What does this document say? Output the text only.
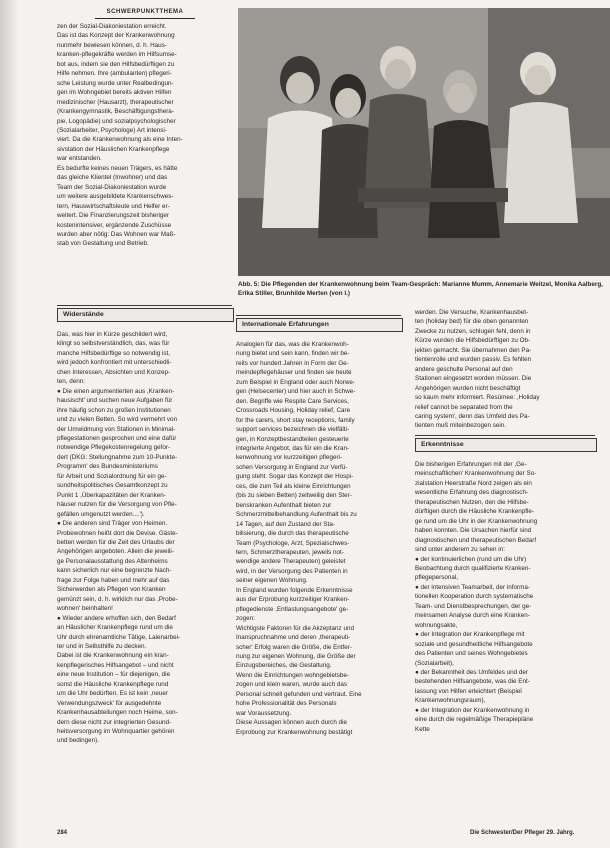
SCHWERPUNKTTHEMA

zen der Sozial-Diakoniestation erreicht.

Das ist das Konzept der Krankenwohnung

nunmehr bewiesen können, d. h. Haus-

kranken-pflegekräfte werden im Hilfsumse-

bot aus, indem sie den Hilfsbedürftigen zu

Hilfe nehmen. Ihre (ambulanten) pflegeri-

sche Leistung wurde unter Realbedingun-

gen im Wohngebiet bereits aktiven Hilfen

medizinischer (Hausarzt), therapeutischer

(Krankengymnastik, Beschäftigungsthera-

pie, Logopädie) und sozialpsychologischer

(Sozialarbeiter, Psychologe) Art intensi-

viert. Da die Krankenwohnung als eine Inten-

sivstation der Häuslichen Krankenpflege

war entstanden.

Es bedurfte keines neuen Trägers, es hätte

das gleiche Klientel (Inwohner) und das

Team der Sozial-Diakoniestation wurde

um weitere ausgebildete Krankenschwes-

tern, Hauswirtschaftsleute und Helfer er-

weitert. Die Finanzierungszeit bisheriger

kostenintensiver, ergänzende Zuschüsse

wurden aber nötig: Das Wohnen war Maß-

stab von Gestaltung und Betrieb.

Abb. 5: Die Pflegenden der Krankenwohnung beim Team-Gespräch: Marianne Mumm, Annemarie Weitzel, Monika Aalberg, Erika Stiller, Brunhilde Merten (von l.)
Widerstände

Das, was hier in Kürze geschildert wird,

klingt so selbstverständlich, das, was für

manche Hilfsbedürftige so notwendig ist,

wird jedoch konfrontiert mit unterschiedli-

chen Interessen, Absichten und Konzep-

ten, denn:

● Die einen argumentierten aus ,Kranken-

hausischt' und suchen neue Aufgaben für

ihre häufig schon zu großen Institutionen

und zu vielen Betten. So wird vermehrt von

der Umwidmung von Stationen in Minimal-

pflegestationen gesprochen und eine dafür

notwendige Pflegekostenregelung gefor-

dert (DKG: Stellungnahme zum 10-Punkte-

Programm' des Bundesministeriums

für Arbeit und Sozialordnung für ein ge-

sundheitspolitisches Gesamtkonzept zu

Punkt 1 ,Überkapazitäten der Kranken-

häuser nutzen für die Versorgung von Pfle-

gefällen umgenutzt werden....').

● Die anderen sind Träger von Heimen.

Probewohnen heißt dort die Devise. Gäste-

betten werden für die Zeit des Urlaubs der

Angehörigen angeboten. Allein die jeweili-

ge Personalausstattung des Altenheims

kann sicherlich nur eine begrenzte Nach-

frage zur Folge haben und mehr auf das

Sicherwerden als Pflegen von Kranken

gemünzt sein, d. h. wirklich nur das ,Probe-

wohnen' beinhalten!

● Wieder andere erhoffen sich, den Bedarf

an Häuslicher Krankenpflege rund um die

Uhr durch ehrenamtliche Tätige, Laienarbei-

ter und in Selbsthilfe zu decken.

Dabei ist die Krankenwohnung ein kran-

kenpflegerisches Hilfsangebot – und nicht

eine neue Institution – für diejenigen, die

sonst die Häusliche Krankenpflege rund

um die Uhr bedürften. Es ist kein ,neuer

Verwendungszweck' für ausgedehnte

Krankenhausabteilungen noch Heime, son-

dern diese nicht zur integrierten Gesund-

heitsversorgung im Wohnquartier gehören

und bedingen).

Internationale Erfahrungen

Analogien für das, was die Krankenwoh-

nung bietet und sein kann, finden wir be-

reits vor hundert Jahren in Form der Ge-

meindepflegehäuser und finden sie heute

zum Beispiel in England oder auch Norwe-

gen (Helsecenter) und hier auch in Schwe-

den. Begriffe wie Respite Care Services,

Crossroads Housing, Holiday relief, Care

for the carers, short stay receptions, family

support services bezeichnen die vielfälti-

gen, in Konzeptbestandteilen gesteuerte

integrierte Angebot, das für ein die Kran-

kenwohnung vor kurzzeitigen pflegeri-

schen Versorgung in England zur Verfü-

gung steht. Sogar das Konzept der Hospi-

ces, die zum Teil als kleine Einrichtungen

(bis zu sieben Betten) zeitweilig den Ster-

benskranken Aufenthalt bieten zur

Schmerzmittelbehandlung Aufenthalt bis zu

14 Tagen, auf den Zustand der Sta-

bilisierung, die durch das therapeutische

Team (Psychologe, Arzt, Spezialschwes-

tern, Schmerztherapeuten, jeweils not-

wendige andere Therapeuten) geleistet

wird, in der Versorgung des Patienten in

seiner eigenen Wohnung.

In England wurden folgende Erkenntnisse

aus der Erprobung kurzzeitiger Kranken-

pflegedienste ,Entlastungsangebote' ge-

zogen:

Wichtigste Faktoren für die Akzeptanz und

Inanspruchnahme und deren ,therapeuti-

scher' Erfolg waren die Größe, die Entfer-

nung zur eigenen Wohnung, die Größe der

Einzugsbereiches, die Gestaltung.

Wenn die Einrichtungen wohngebietsbe-

zogen und klein waren, wurde auch das

Personal schnell gefunden und vertraut. Eine

hohe Professionalität des Personals

war Voraussetzung.

Diese Aussagen können auch durch die

Erprobung zur Krankenwohnung bestätigt

werden. Die Versuche, Krankenhausbet-

ten (holiday bed) für die oben genannten

Zwecke zu nutzen, schlugen fehl, denn in

Kürze wurden die Hilfsbedürftigen zu Ob-

jekten gemacht. Sie übernahmen den Pa-

tientenrolle und wurden passiv. Es fehlten

andere geschulte Personal auf den

Stationen eingesetzt worden müssen. Die

Angehörigen wurden nicht beschäftigt

so kaum mehr informiert. Resümee: ,Holiday

relief cannot be separated from the

caring system', denn das Umfeld des Pa-

tienten muß miteinbezogen sein.

Erkenntnisse

Die bisherigen Erfahrungen mit der ,Ge-

meinschaftlichen' Krankenwohnung der So-

zialstation Heerstraße Nord zeigen als ein

wesentliche Erfahrung des diagnostisch-

therapeutischen Nutzen, den die Hilfsbe-

dürftigen durch die Häusliche Krankenpfle-

ge rund um die Uhr in der Krankenwohnung

haben konnten. Die Ursachen hierfür sind

diagnostischen und therapeutischen Bedarf

sind unter anderem zu sehen in:

● der kontinuierlichen (rund um die Uhr)

Beobachtung durch qualifizierte Kranken-

pflegepersonal,

● der intensiven Teamarbeit, der informa-

tionellen Kooperation durch systematische

Team- und Dienstbesprechungen, der ge-

meinsamen Analyse durch eine Kranken-

wohnungsakte,

● der Integration der Krankenpflege mit

soziale und gesundheitliche Hilfsangebote

des Patienten und seines Wohngebietes

(Sozialarbeit),

● der Bekanntheit des Umfeldes und der

bestehenden Hilfsangebote, was die Ent-

lassung von Hilfen erleichtert (Beispiel

Krankenwohnungsraum),

● der Integration der Krankenwohnung in

eine durch die regelmäßige Therapiepläne

Kette

284	Die Schwester/Der Pfleger 29. Jahrg.
